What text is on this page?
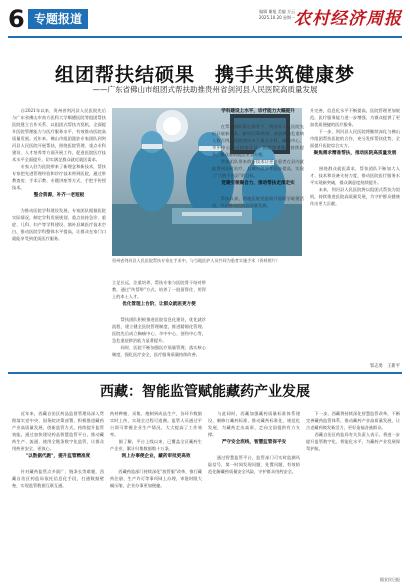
6 专题报道
编辑 谢旭 美编 方云
2025.10.20 星期一 农村经济周报
组团帮扶结硕果　携手共筑健康梦
——广东省佛山市组团式帮扶助推贵州省剑河县人民医院高质量发展

　　自2021年以来，贵州省剑河县人民医院先后与广东省佛山市南方医科大学顺德医院等组团帮扶医院建立合作关系，以组团式帮扶为契机，全面提升医院管理能力与医疗服务水平，有效推动医院高质量发展。近年来，佛山市组团派驻专家团队到剑河县人民医院开展帮扶，围绕医院管理、重点专科建设、人才培养等方面开展工作，促进医院医疗技术水平全面提升，切实满足群众就近就医需求。
　　专家入驻为医院带来了新理念和新技术，帮扶专家把先进管理经验和诊疗技术带到医院，通过带教查房、手术示教、专题讲座等方式，手把手传授技术。

整合资源，补齐一老短板

　　为推动医院学科建设发展，专家团队根据医院实际情况，制定学科发展规划，重点扶持急诊、重症、儿科、妇产等学科建设，填补县域医疗技术空白，推动医院学科整体水平提高，让群众在家门口就能享受到优质医疗服务。

贵州省剑河县人民医院帮扶专家在手术中，与当地医护人员共同为患者实施手术（资料照片）

立足长远，注重培养，帮扶专家与医院骨干结对带教，通过"传帮带"方式，培养了一批留得住、用得上的本土人才。

优化管理上台阶，让群众就医更方便

　　帮扶团队积极推进医院信息化建设，优化就诊流程，建立健全医院管理制度，推进精细化管理。医院先后成立胸痛中心、卒中中心、创伤中心等，急危重症救治能力显著提升。
　　同时，医院不断加强医疗质量管理，落实核心制度，强化医疗安全，医疗服务质量持续改善。

学科建设上水平，诊疗能力大幅提升

　　在帮扶团队精心指导下，剑河县人民医院先后开展新技术、新项目50余项，成功救治危重病人数百例。医院建成多个重点专科，胸痛中心、卒中中心通过国家认证，医院服务能力持续提升，群众看病就医更加方便。
　　帮扶团队带来的新技术让更多患者在县内就能得到及时治疗，县域内就诊率稳步提高，实现了"大病不出县"的目标。

党建引领聚合力，推动帮扶走深走实

　　帮扶以来，两地医院党组织开展联学联建活动，共同推动医院高质量发展。

升完善，信息化水平不断提高，医院管理更加规范，医疗服务能力进一步增强，为群众提供了更加优质便捷的医疗服务。
　　下一步，剑河县人民医院将继续深化与佛山市组团帮扶医院的合作，充分发挥帮扶优势，全面提升医院综合实力。

聚焦需求精准帮扶，推动医院高质量发展

　　围绕群众就医需求，帮扶团队不断加大人才、技术和设备支持力度，推动医院医疗服务水平实现新突破，群众满意度持续提升。
　　未来，剑河县人民医院将以组团式帮扶为契机，持续推进医院高质量发展，为守护群众健康作出更大贡献。

邹志勇　王新平
西藏：智能监管赋能藏药产业发展

　　近年来，西藏自治区药品监督管理局深入贯彻落实党中央、国务院决策部署，积极推进藏药产业高质量发展，创新监管方式，持续提升监管效能。通过加快建设药品智慧监管平台，推动藏药生产、流通、使用全链条数字化监管，让群众用药更安全、更放心。

"以数据代跑"，提升监管精准度

　　针对藏药监管点多面广、链条长等难题，西藏自治区药监局依托信息化手段，打通数据壁垒，实现监管数据互联互通。

药材种植、采集、炮制到成品生产，各环节数据实时上传，实现全过程可追溯。监管人员通过平台即可掌握企业生产情况，大大提高了工作效率。
　　据了解，平台上线以来，已覆盖全区藏药生产企业，累计归集数据数十万条。

网上办事便企业，藏药审批更高效

　　西藏药监部门持续深化"放管服"改革，推行藏药注册、生产许可等事项网上办理，审批时限大幅压缩，企业办事更加便捷。

　　与此同时，西藏加强藏药质量标准体系建设，制修订藏药标准，推动藏药标准化、规范化发展，为藏药走出高原、走向全国提供有力支撑。

严守安全底线，智慧监管保平安

　　通过智慧监管平台，监管部门可实时监测风险信号，第一时间发现问题、处置问题，有效防范化解藏药质量安全风险，守护群众用药安全。

　　下一步，西藏将持续深化智慧监管改革，不断完善藏药监管体系，推动藏药产业高质量发展，让古老藏药焕发新活力，更好造福各族群众。
　　西藏自治区药监局有关负责人表示，将进一步提升监管数字化、智能化水平，为藏药产业发展保驾护航。

据农民日报
